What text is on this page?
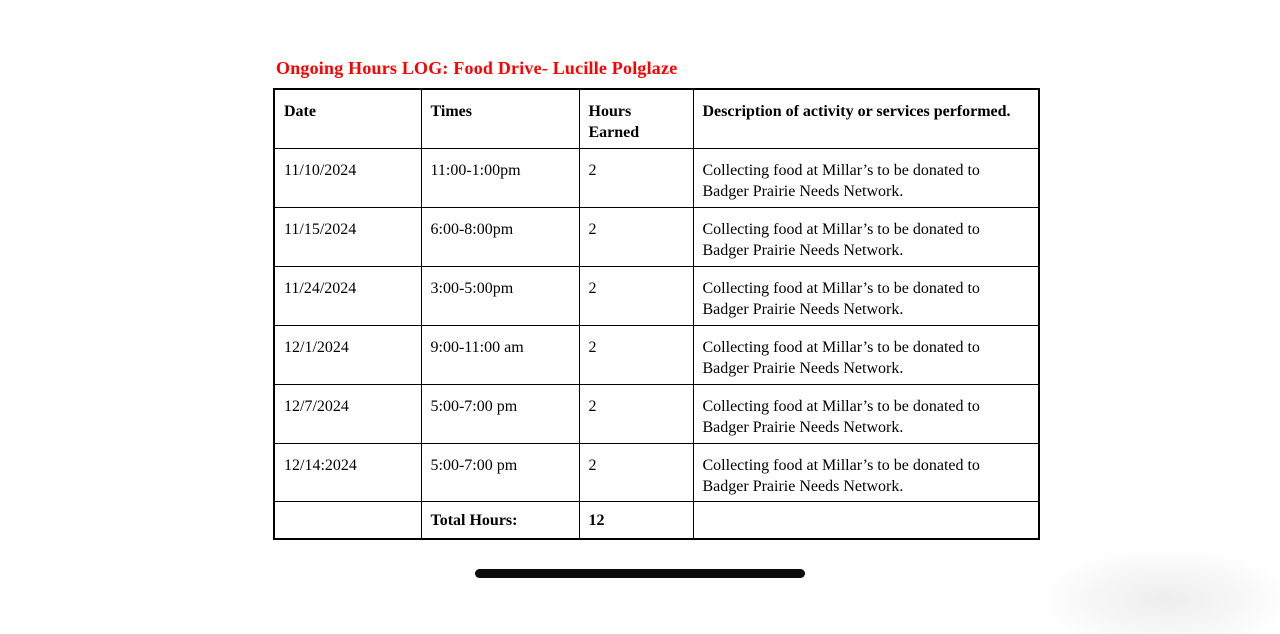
Ongoing Hours LOG: Food Drive- Lucille Polglaze
Date	Times	Hours Earned	Description of activity or services performed.
11/10/2024	11:00-1:00pm	2	Collecting food at Millar’s to be donated to Badger Prairie Needs Network.
11/15/2024	6:00-8:00pm	2	Collecting food at Millar’s to be donated to Badger Prairie Needs Network.
11/24/2024	3:00-5:00pm	2	Collecting food at Millar’s to be donated to Badger Prairie Needs Network.
12/1/2024	9:00-11:00 am	2	Collecting food at Millar’s to be donated to Badger Prairie Needs Network.
12/7/2024	5:00-7:00 pm	2	Collecting food at Millar’s to be donated to Badger Prairie Needs Network.
12/14:2024	5:00-7:00 pm	2	Collecting food at Millar’s to be donated to Badger Prairie Needs Network.
	Total Hours:	12	
